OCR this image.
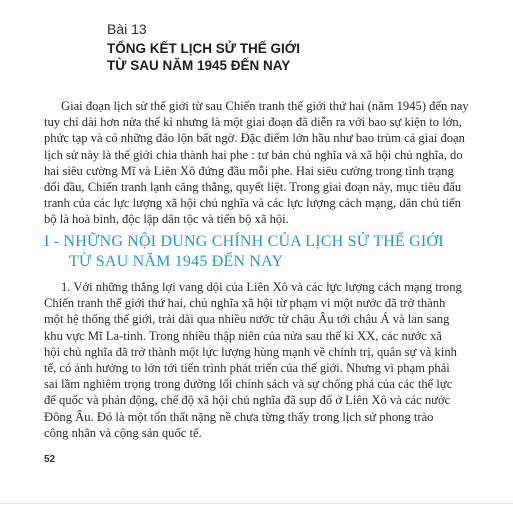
Bài 13
TỔNG KẾT LỊCH SỬ THẾ GIỚI
TỪ SAU NĂM 1945 ĐẾN NAY
Giai đoạn lịch sử thế giới từ sau Chiến tranh thế giới thứ hai (năm 1945) đến nay
tuy chỉ dài hơn nửa thế kỉ nhưng là một giai đoạn đã diễn ra với bao sự kiện to lớn,
phức tạp và có những đảo lộn bất ngờ. Đặc điểm lớn hầu như bao trùm cả giai đoạn
lịch sử này là thế giới chia thành hai phe : tư bản chủ nghĩa và xã hội chủ nghĩa, do
hai siêu cường Mĩ và Liên Xô đứng đầu mỗi phe. Hai siêu cường trong tình trạng
đối đầu, Chiến tranh lạnh căng thẳng, quyết liệt. Trong giai đoạn này, mục tiêu đấu
tranh của các lực lượng xã hội chủ nghĩa và các lực lượng cách mạng, dân chủ tiến
bộ là hoà bình, độc lập dân tộc và tiến bộ xã hội.
I - NHỮNG NỘI DUNG CHÍNH CỦA LỊCH SỬ THẾ GIỚI
TỪ SAU NĂM 1945 ĐẾN NAY
1. Với những thắng lợi vang dội của Liên Xô và các lực lượng cách mạng trong
Chiến tranh thế giới thứ hai, chủ nghĩa xã hội từ phạm vi một nước đã trở thành
một hệ thống thế giới, trải dài qua nhiều nước từ châu Âu tới châu Á và lan sang
khu vực Mĩ La-tinh. Trong nhiều thập niên của nửa sau thế kỉ XX, các nước xã
hội chủ nghĩa đã trở thành một lực lượng hùng mạnh về chính trị, quân sự và kinh
tế, có ảnh hưởng to lớn tới tiến trình phát triển của thế giới. Nhưng vì phạm phải
sai lầm nghiêm trọng trong đường lối chính sách và sự chống phá của các thế lực
đế quốc và phản động, chế độ xã hội chủ nghĩa đã sụp đổ ở Liên Xô và các nước
Đông Âu. Đó là một tổn thất nặng nề chưa từng thấy trong lịch sử phong trào
công nhân và cộng sản quốc tế.
52
